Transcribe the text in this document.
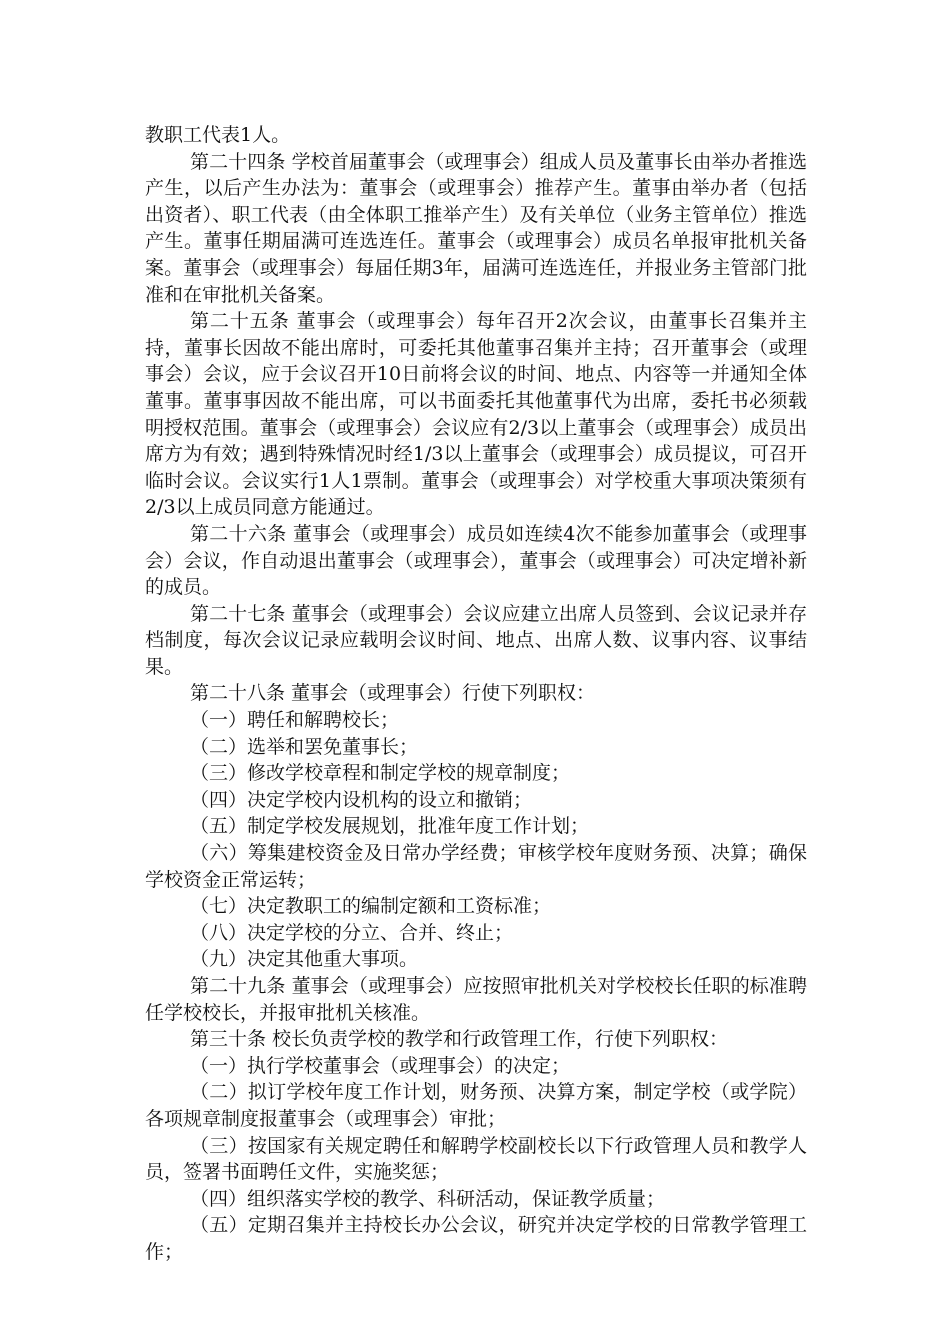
教职工代表1人。

第二十四条 学校首届董事会（或理事会）组成人员及董事长由举办者推选产生，以后产生办法为：董事会（或理事会）推荐产生。董事由举办者（包括出资者）、职工代表（由全体职工推举产生）及有关单位（业务主管单位）推选产生。董事任期届满可连选连任。董事会（或理事会）成员名单报审批机关备案。董事会（或理事会）每届任期3年，届满可连选连任，并报业务主管部门批准和在审批机关备案。

第二十五条 董事会（或理事会）每年召开2次会议，由董事长召集并主持，董事长因故不能出席时，可委托其他董事召集并主持；召开董事会（或理事会）会议，应于会议召开10日前将会议的时间、地点、内容等一并通知全体董事。董事事因故不能出席，可以书面委托其他董事代为出席，委托书必须载明授权范围。董事会（或理事会）会议应有2/3以上董事会（或理事会）成员出席方为有效；遇到特殊情况时经1/3以上董事会（或理事会）成员提议，可召开临时会议。会议实行1人1票制。董事会（或理事会）对学校重大事项决策须有2/3以上成员同意方能通过。

第二十六条 董事会（或理事会）成员如连续4次不能参加董事会（或理事会）会议，作自动退出董事会（或理事会），董事会（或理事会）可决定增补新的成员。

第二十七条 董事会（或理事会）会议应建立出席人员签到、会议记录并存档制度，每次会议记录应载明会议时间、地点、出席人数、议事内容、议事结果。

第二十八条 董事会（或理事会）行使下列职权：

（一）聘任和解聘校长；

（二）选举和罢免董事长；

（三）修改学校章程和制定学校的规章制度；

（四）决定学校内设机构的设立和撤销；

（五）制定学校发展规划，批准年度工作计划；

（六）筹集建校资金及日常办学经费；审核学校年度财务预、决算；确保学校资金正常运转；

（七）决定教职工的编制定额和工资标准；

（八）决定学校的分立、合并、终止；

（九）决定其他重大事项。

第二十九条 董事会（或理事会）应按照审批机关对学校校长任职的标准聘任学校校长，并报审批机关核准。

第三十条 校长负责学校的教学和行政管理工作，行使下列职权：

（一）执行学校董事会（或理事会）的决定；

（二）拟订学校年度工作计划，财务预、决算方案，制定学校（或学院）各项规章制度报董事会（或理事会）审批；

（三）按国家有关规定聘任和解聘学校副校长以下行政管理人员和教学人员，签署书面聘任文件，实施奖惩；

（四）组织落实学校的教学、科研活动，保证教学质量；

（五）定期召集并主持校长办公会议，研究并决定学校的日常教学管理工作；
